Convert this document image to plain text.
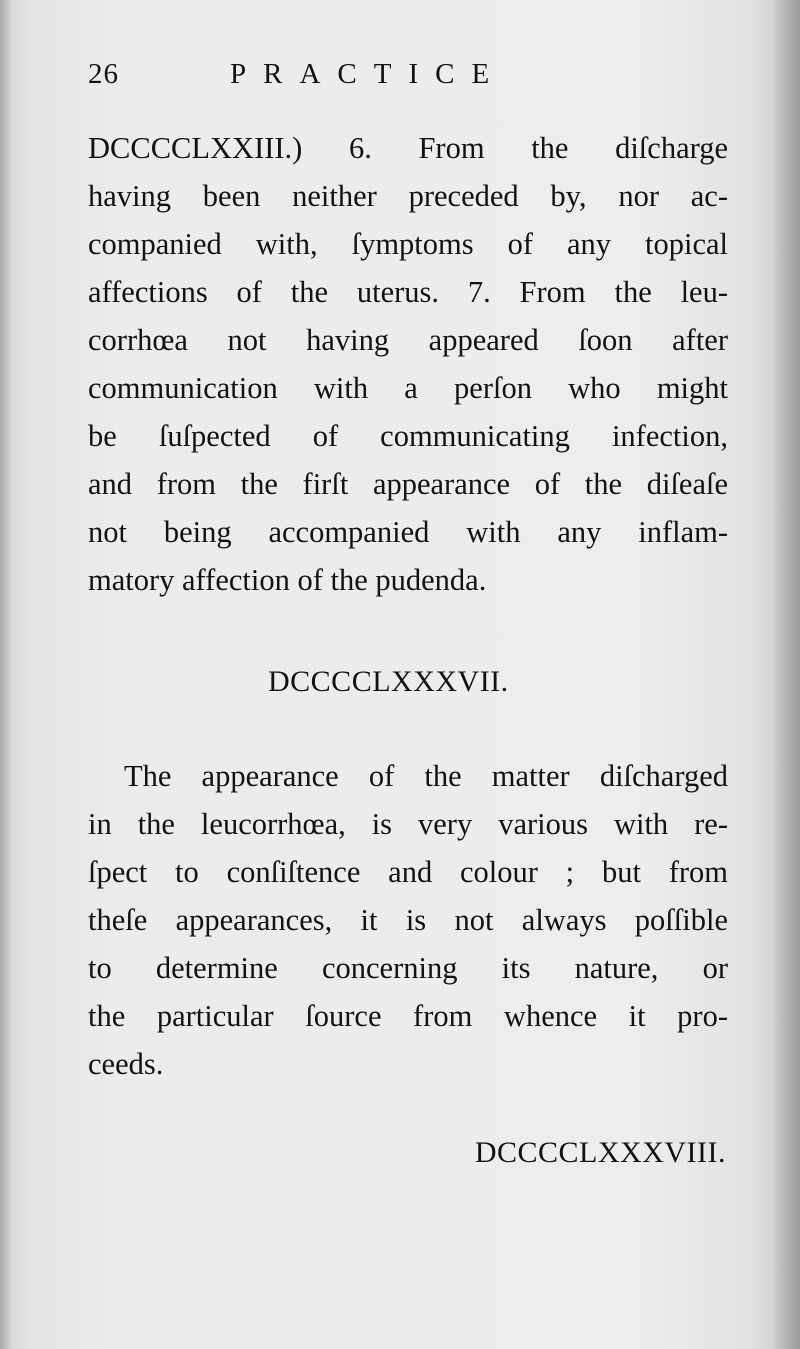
26	PRACTICE
DCCCCLXXIII.) 6. From the diſcharge
having been neither preceded by, nor ac-
companied with, ſymptoms of any topical
affections of the uterus. 7. From the leu-
corrhœa not having appeared ſoon after
communication with a perſon who might
be ſuſpected of communicating infection,
and from the firſt appearance of the diſeaſe
not being accompanied with any inflam-
matory affection of the pudenda.
DCCCCLXXXVII.
The appearance of the matter diſcharged
in the leucorrhœa, is very various with re-
ſpect to conſiſtence and colour ; but from
theſe appearances, it is not always poſſible
to determine concerning its nature, or
the particular ſource from whence it pro-
ceeds.
DCCCCLXXXVIII.
